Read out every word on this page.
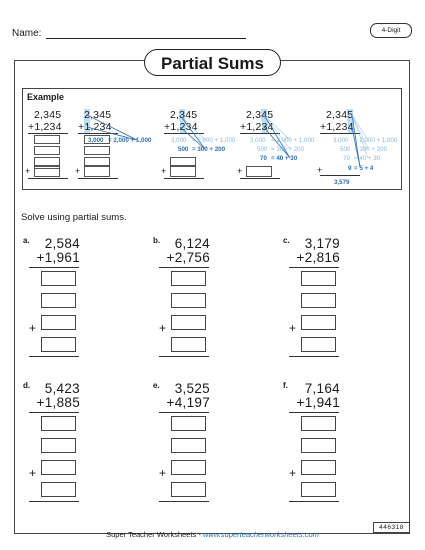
Name:	4-Digit
Partial Sums
Example
2,345
+1,234
+
2,345
+1,234
+
2,345
+1,234
+
2,345
+1,234
+
2,345
+1,234
+
3,000 = 2,000 + 1,000	3,000 = 2,000 + 1,000
500 = 300 + 200
3,000 = 2,000 + 1,000
500 = 300 + 200
70 = 40 + 30
3,000 = 2,000 + 1,000
500 = 300 + 200
70 = 40 + 30
9 = 5 + 4
3,579
Solve using partial sums.
a.	2,584
+1,961
+
b.	6,124
+2,756
+
c.	3,179
+2,816
+
d.	5,423
+1,885
+
e.	3,525
+4,197
+
f.	7,164
+1,941
+
Super Teacher Worksheets - www.superteacherworksheets.com
446318
